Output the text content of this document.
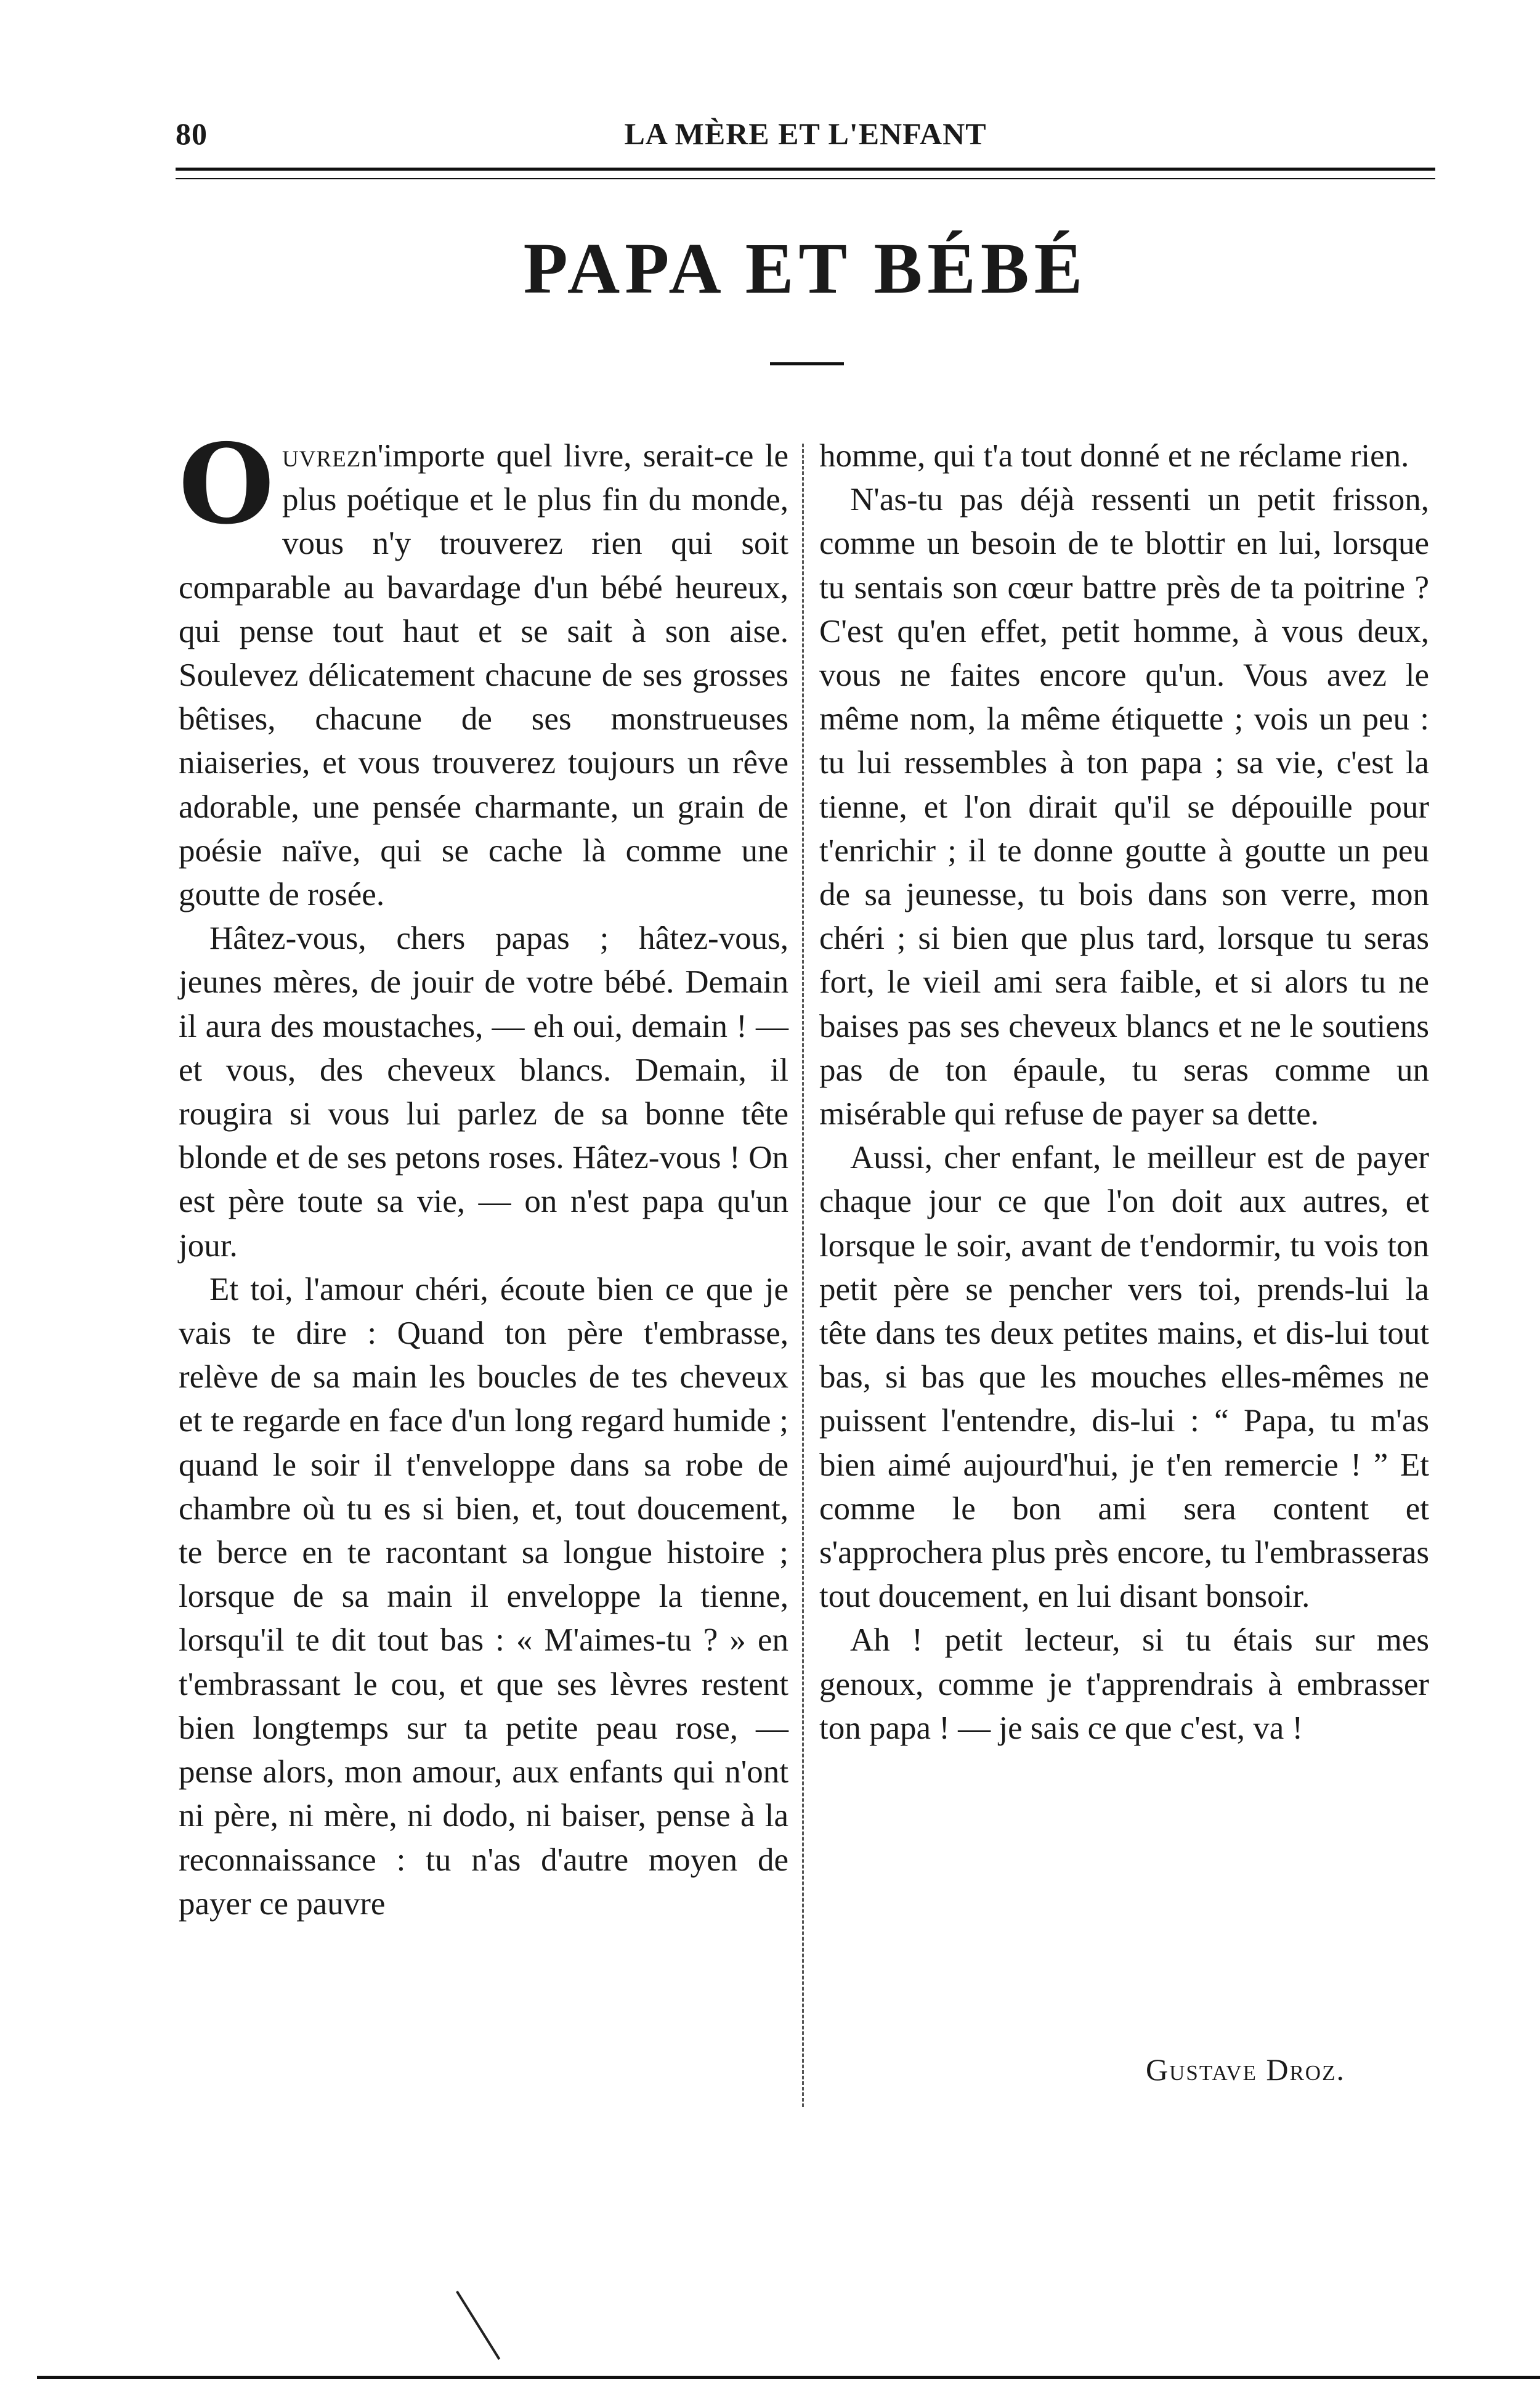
80	LA MÈRE ET L'ENFANT
PAPA ET BÉBÉ

Ouvrezn'importe quel livre, serait-ce le plus poétique et le plus fin du monde, vous n'y trouverez rien qui soit comparable au bavardage d'un bébé heureux, qui pense tout haut et se sait à son aise. Soulevez délicatement chacune de ses grosses bêtises, chacune de ses monstrueuses niaiseries, et vous trouverez toujours un rêve adorable, une pensée charmante, un grain de poésie naïve, qui se cache là comme une goutte de rosée.

Hâtez-vous, chers papas ; hâtez-vous, jeunes mères, de jouir de votre bébé. Demain il aura des moustaches, — eh oui, demain ! — et vous, des cheveux blancs. Demain, il rougira si vous lui parlez de sa bonne tête blonde et de ses petons roses. Hâtez-vous ! On est père toute sa vie, — on n'est papa qu'un jour.

Et toi, l'amour chéri, écoute bien ce que je vais te dire : Quand ton père t'embrasse, relève de sa main les boucles de tes cheveux et te regarde en face d'un long regard humide ; quand le soir il t'enveloppe dans sa robe de chambre où tu es si bien, et, tout doucement, te berce en te racontant sa longue histoire ; lorsque de sa main il enveloppe la tienne, lorsqu'il te dit tout bas : « M'aimes-tu ? » en t'embrassant le cou, et que ses lèvres restent bien longtemps sur ta petite peau rose, — pense alors, mon amour, aux enfants qui n'ont ni père, ni mère, ni dodo, ni baiser, pense à la reconnaissance : tu n'as d'autre moyen de payer ce pauvre

homme, qui t'a tout donné et ne réclame rien.

N'as-tu pas déjà ressenti un petit frisson, comme un besoin de te blottir en lui, lorsque tu sentais son cœur battre près de ta poitrine ? C'est qu'en effet, petit homme, à vous deux, vous ne faites encore qu'un. Vous avez le même nom, la même étiquette ; vois un peu : tu lui ressembles à ton papa ; sa vie, c'est la tienne, et l'on dirait qu'il se dépouille pour t'enrichir ; il te donne goutte à goutte un peu de sa jeunesse, tu bois dans son verre, mon chéri ; si bien que plus tard, lorsque tu seras fort, le vieil ami sera faible, et si alors tu ne baises pas ses cheveux blancs et ne le soutiens pas de ton épaule, tu seras comme un misérable qui refuse de payer sa dette.

Aussi, cher enfant, le meilleur est de payer chaque jour ce que l'on doit aux autres, et lorsque le soir, avant de t'endormir, tu vois ton petit père se pencher vers toi, prends-lui la tête dans tes deux petites mains, et dis-lui tout bas, si bas que les mouches elles-mêmes ne puissent l'entendre, dis-lui : “ Papa, tu m'as bien aimé aujourd'hui, je t'en remercie ! ” Et comme le bon ami sera content et s'approchera plus près encore, tu l'embrasseras tout doucement, en lui disant bonsoir.

Ah ! petit lecteur, si tu étais sur mes genoux, comme je t'apprendrais à embrasser ton papa ! — je sais ce que c'est, va !

Gustave Droz.
